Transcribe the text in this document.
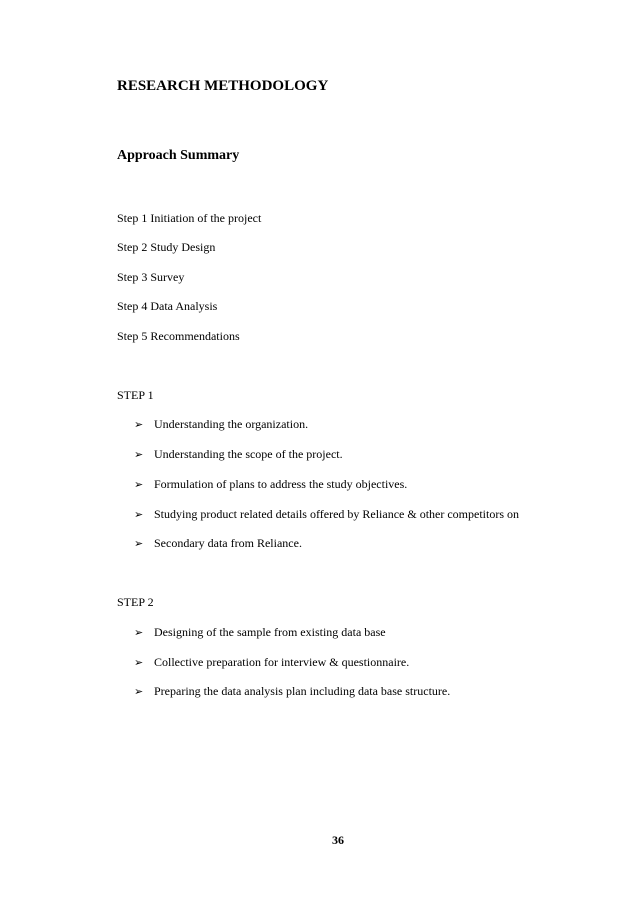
RESEARCH METHODOLOGY
Approach Summary
Step 1 Initiation of the project
Step 2 Study Design
Step 3 Survey
Step 4 Data Analysis
Step 5 Recommendations
STEP 1
➢ Understanding the organization.
➢ Understanding the scope of the project.
➢ Formulation of plans to address the study objectives.
➢ Studying product related details offered by Reliance & other competitors on
➢ Secondary data from Reliance.
STEP 2
➢ Designing of the sample from existing data base
➢ Collective preparation for interview & questionnaire.
➢ Preparing the data analysis plan including data base structure.
36
